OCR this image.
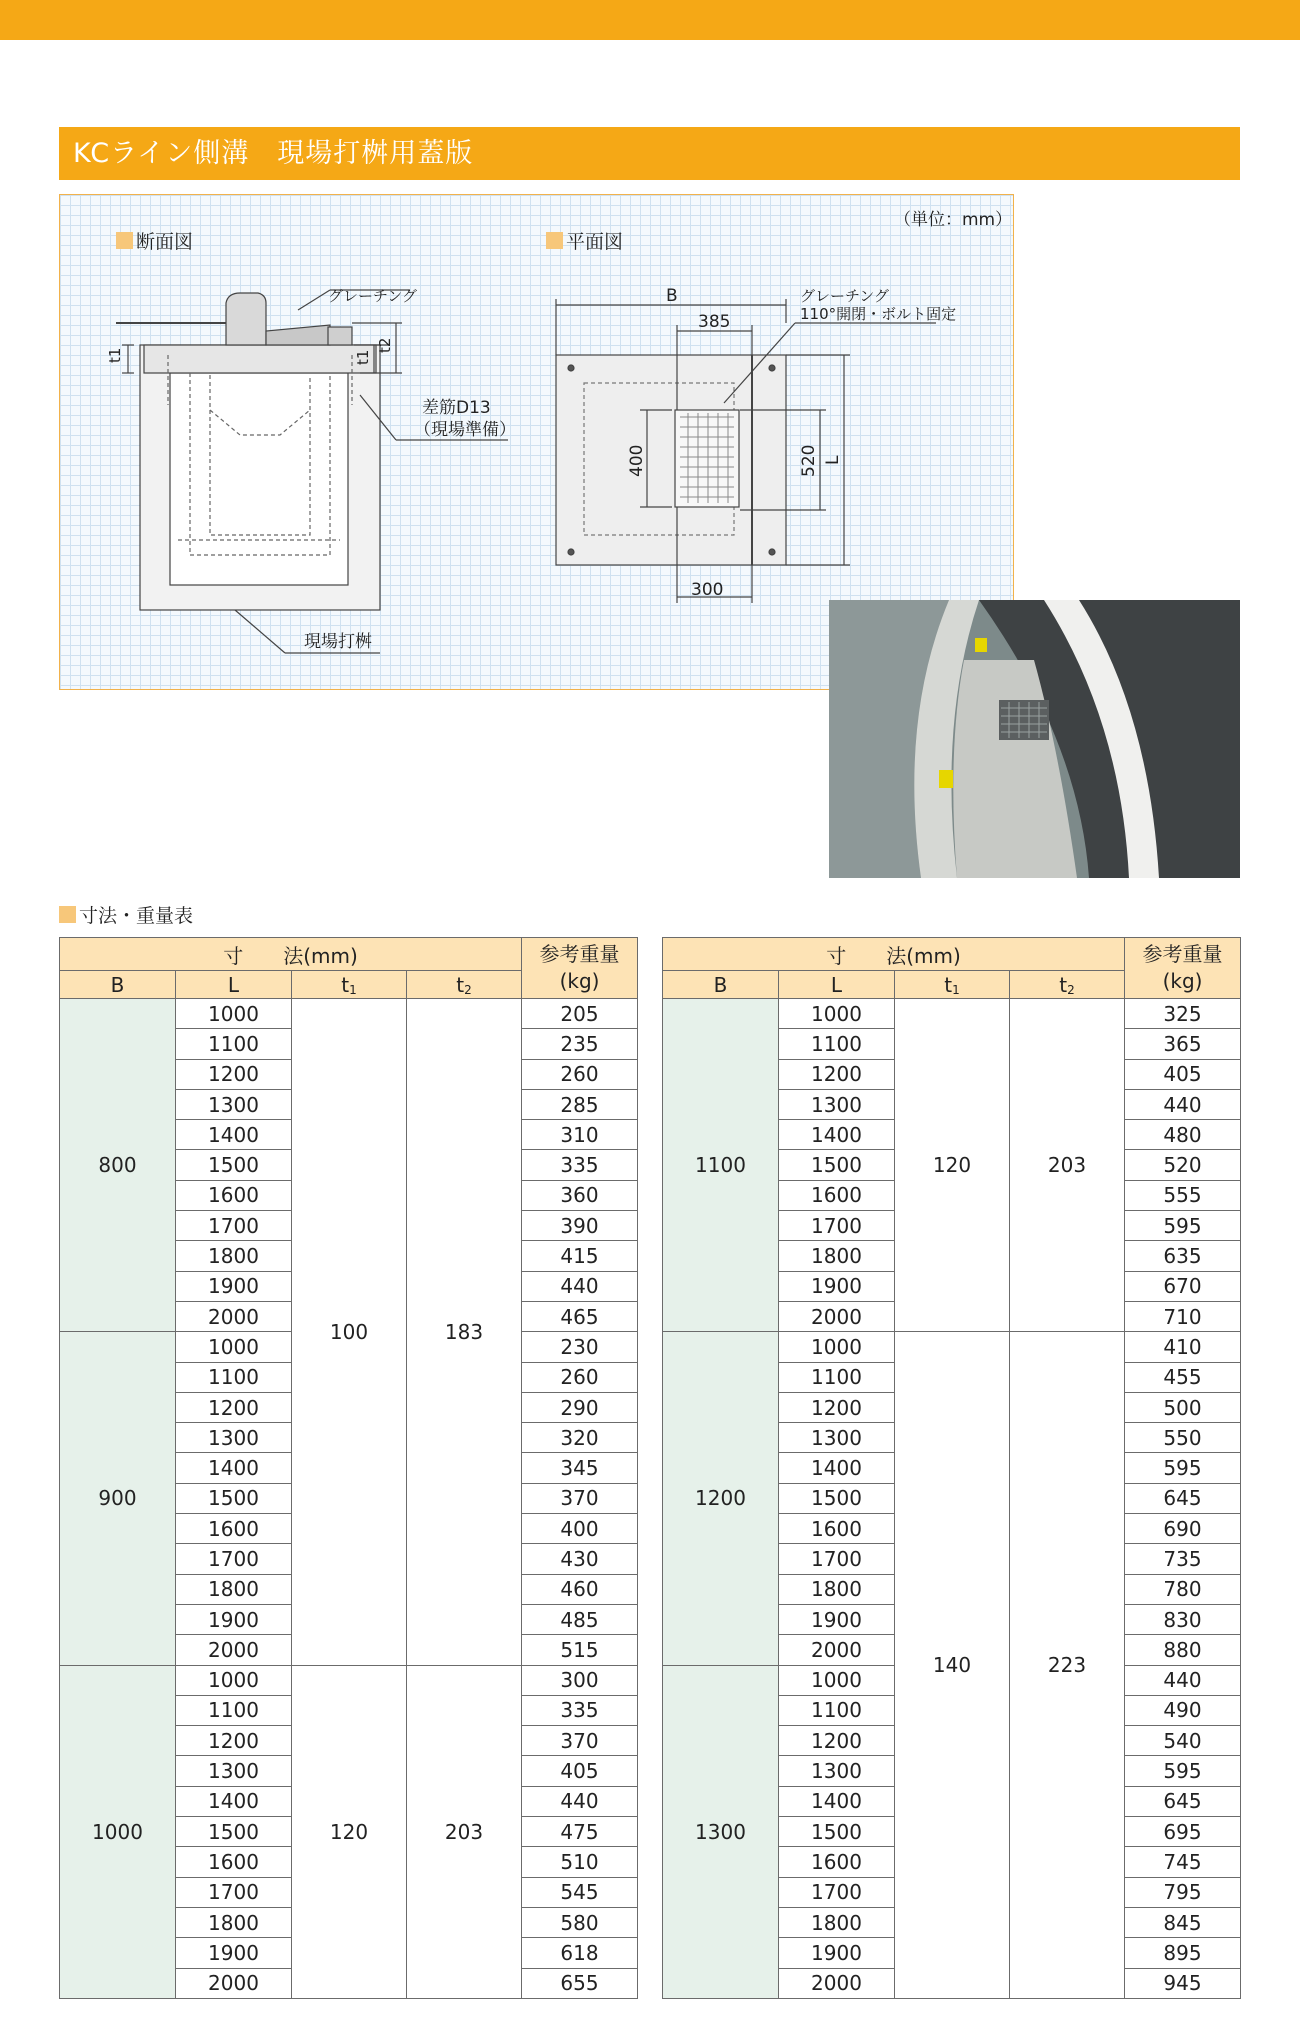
KCライン側溝　現場打桝用蓋版
断面図	平面図
（単位：mm）
グレーチング
t1	t1
t2
差筋D13
（現場準備）
現場打桝
B
385
グレーチング
110°開閉・ボルト固定
400	520 L
300
寸法・重量表
寸　　法(mm)				参考重量
(kg)
B	L	$t_1$	$t_2$
800	1000	100	183	205
	1100			235
	1200			260
	1300			285
	1400			310
	1500			335
	1600			360
	1700			390
	1800			415
	1900			440
	2000			465
900	1000			230
	1100			260
	1200			290
	1300			320
	1400			345
	1500			370
	1600			400
	1700			430
	1800			460
	1900			485
	2000			515
1000	1000	120	203	300
	1100			335
	1200			370
	1300			405
	1400			440
	1500			475
	1600			510
	1700			545
	1800			580
	1900			618
	2000			655
寸　　法(mm)				参考重量
(kg)
B	L	$t_1$	$t_2$
1100	1000	120	203	325
	1100			365
	1200			405
	1300			440
	1400			480
	1500			520
	1600			555
	1700			595
	1800			635
	1900			670
	2000			710
1200	1000	140	223	410
	1100			455
	1200			500
	1300			550
	1400			595
	1500			645
	1600			690
	1700			735
	1800			780
	1900			830
	2000			880
1300	1000			440
	1100			490
	1200			540
	1300			595
	1400			645
	1500			695
	1600			745
	1700			795
	1800			845
	1900			895
	2000			945
